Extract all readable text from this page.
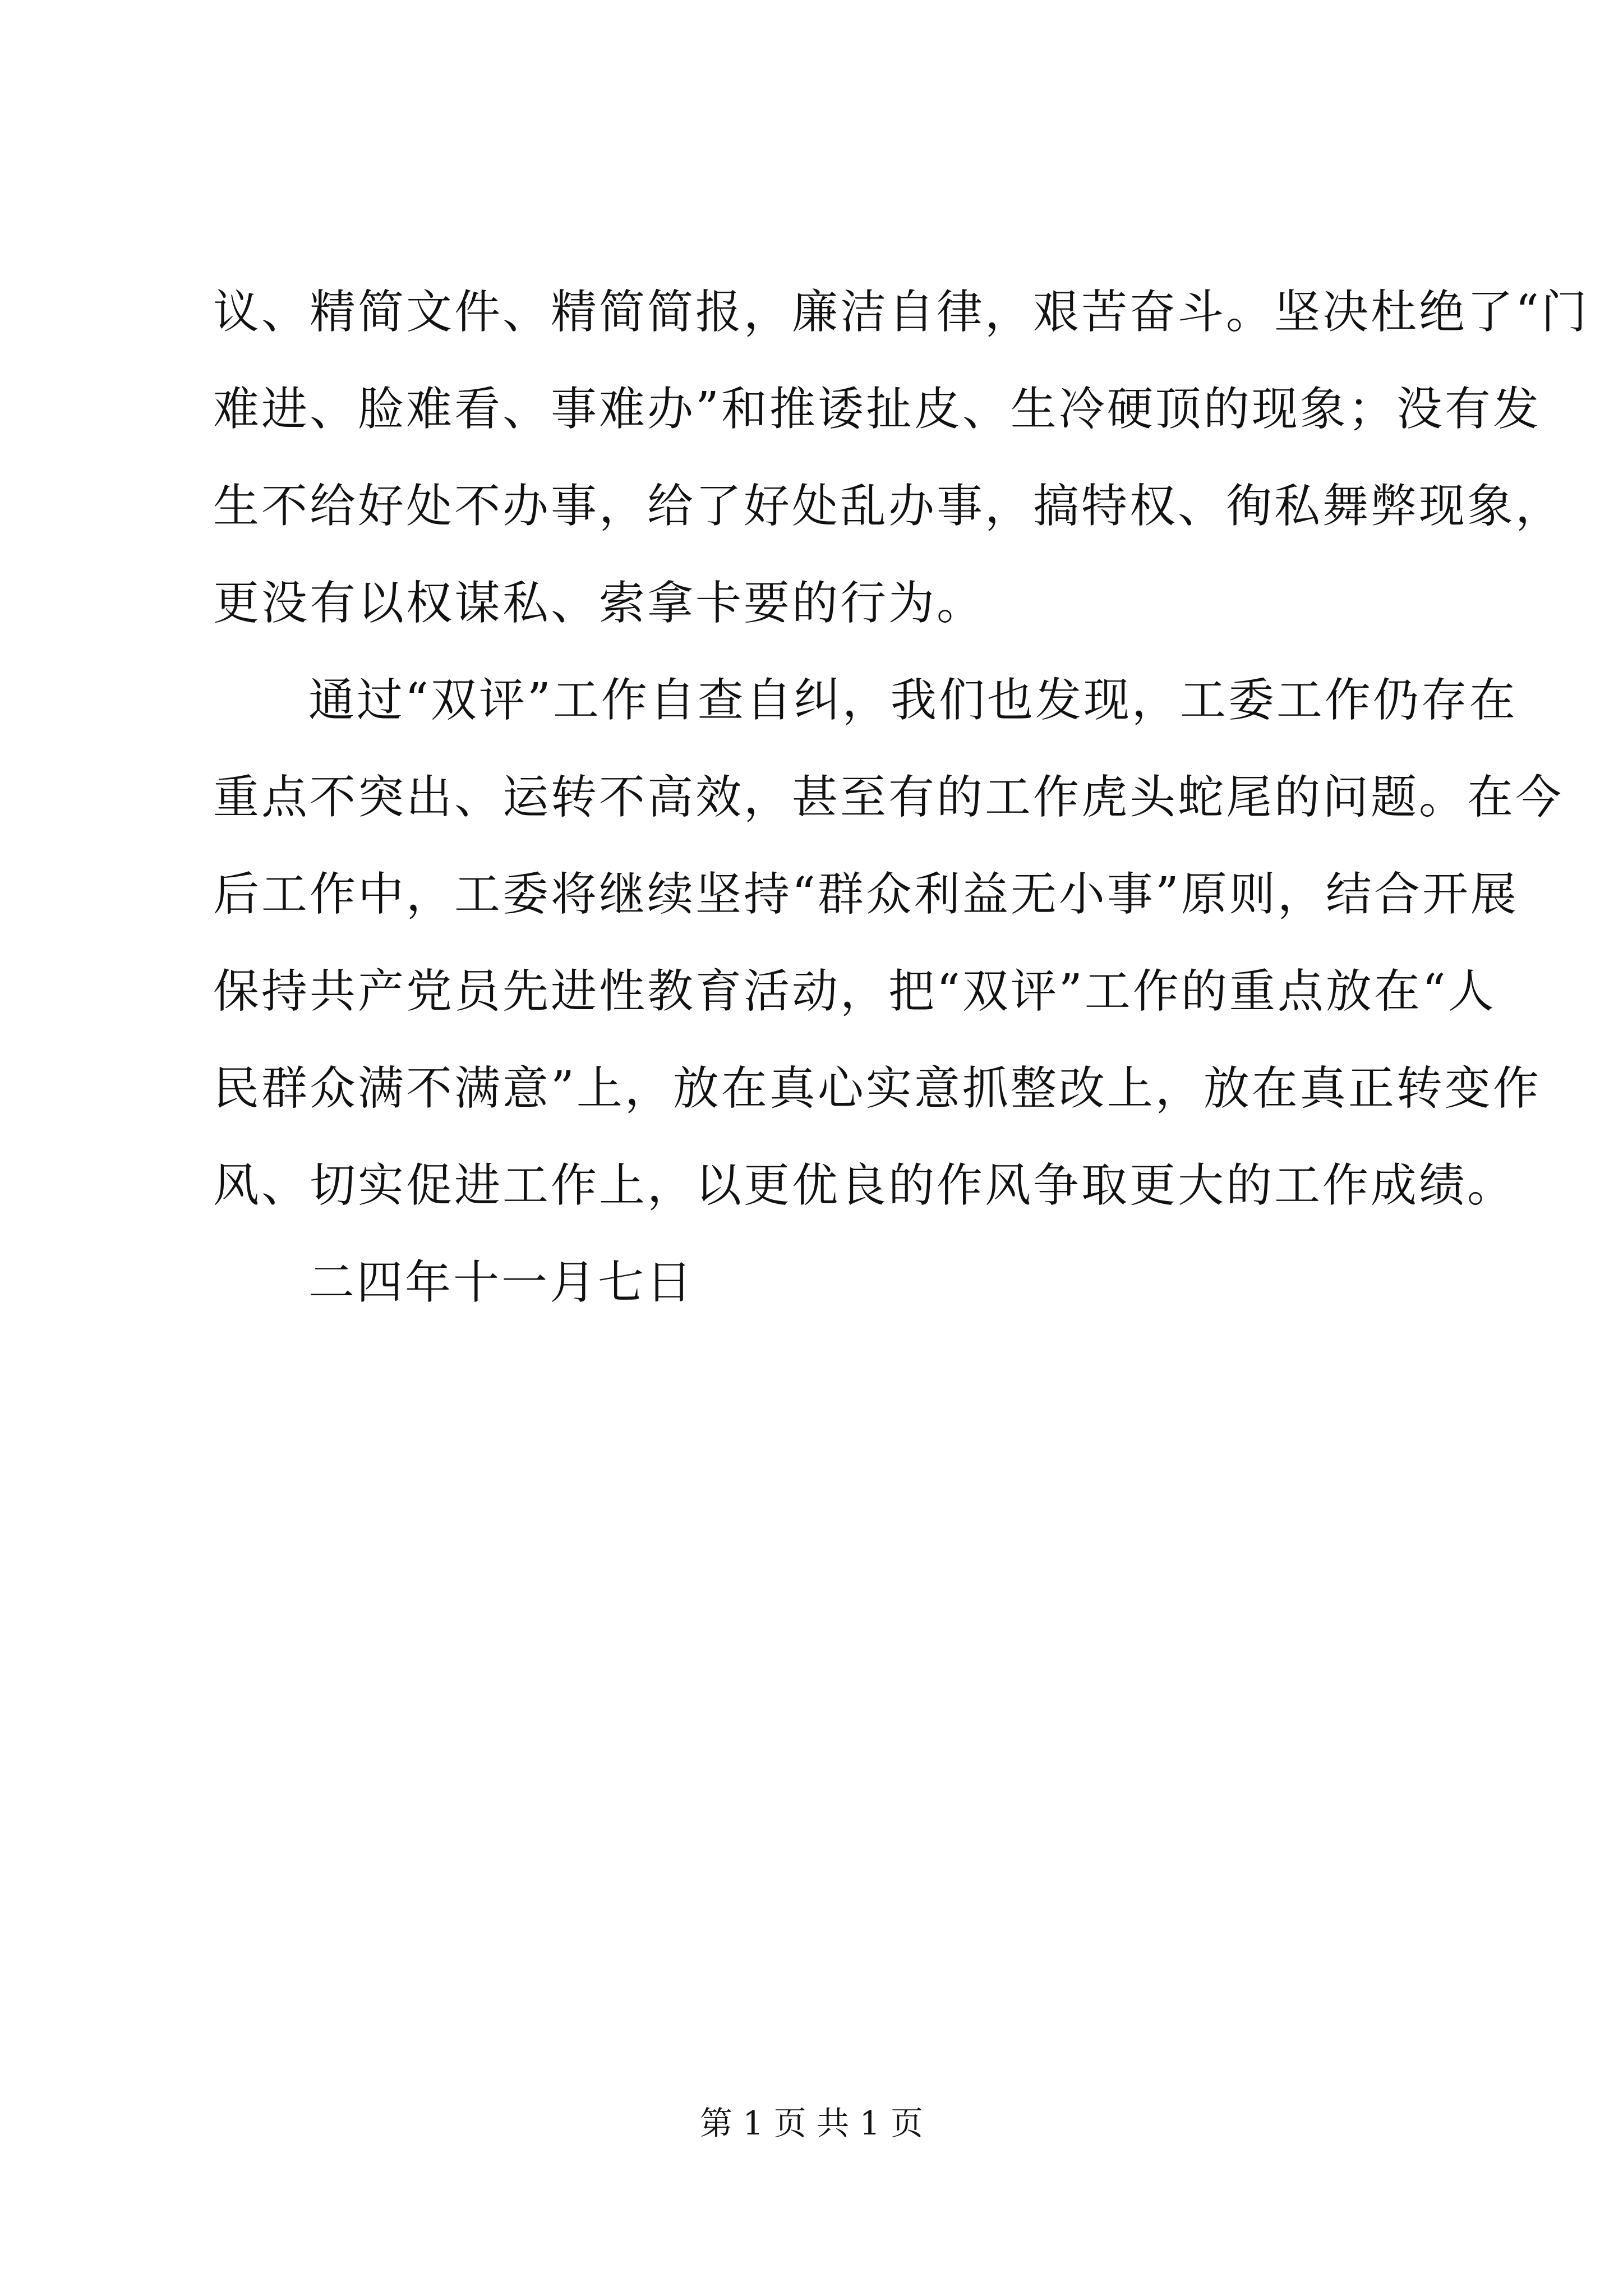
议、精简文件、精简简报，廉洁自律，艰苦奋斗。坚决杜绝了“门
难进、脸难看、事难办”和推诿扯皮、生冷硬顶的现象；没有发
生不给好处不办事，给了好处乱办事，搞特权、徇私舞弊现象，
更没有以权谋私、索拿卡要的行为。
通过“双评”工作自查自纠，我们也发现，工委工作仍存在
重点不突出、运转不高效，甚至有的工作虎头蛇尾的问题。在今
后工作中，工委将继续坚持“群众利益无小事”原则，结合开展
保持共产党员先进性教育活动，把“双评”工作的重点放在“人
民群众满不满意”上，放在真心实意抓整改上，放在真正转变作
风、切实促进工作上，以更优良的作风争取更大的工作成绩。
二四年十一月七日
第 1 页 共 1 页
